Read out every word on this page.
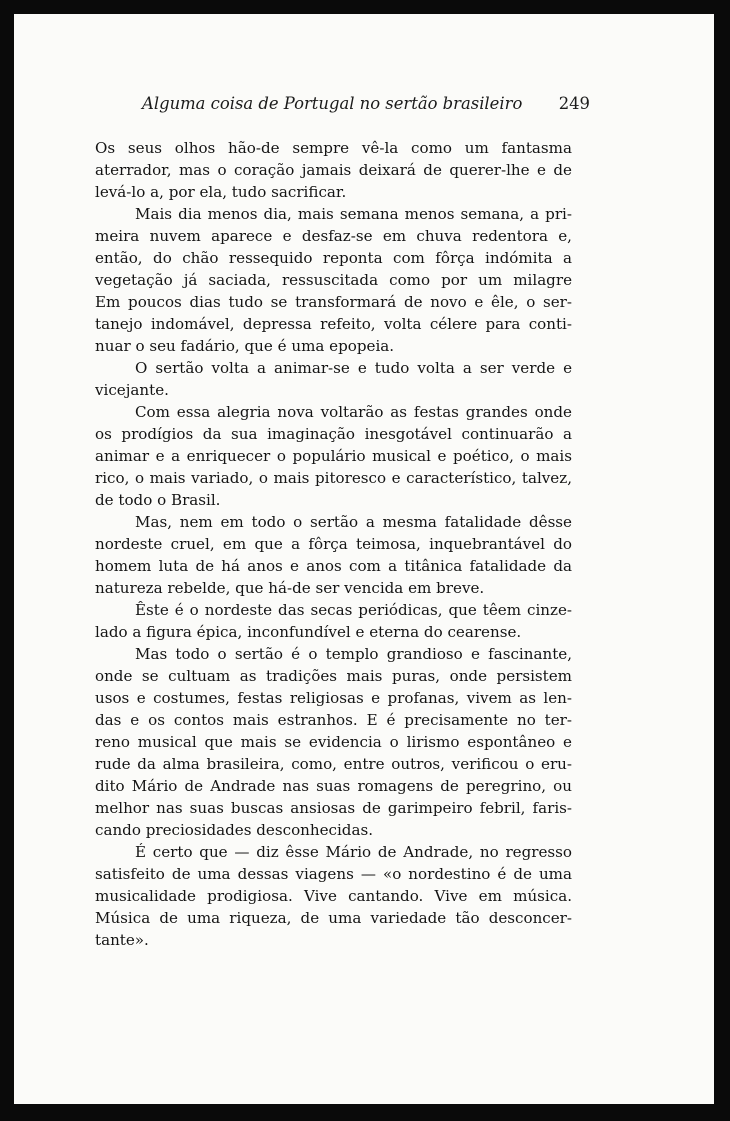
Alguma coisa de Portugal no sertão brasileiro 249
Os seus olhos hão-de sempre vê-la como um fantasma
aterrador, mas o coração jamais deixará de querer-lhe e de
levá-lo a, por ela, tudo sacrificar.
Mais dia menos dia, mais semana menos semana, a pri-
meira nuvem aparece e desfaz-se em chuva redentora e,
então, do chão ressequido reponta com fôrça indómita a
vegetação já saciada, ressuscitada como por um milagre
Em poucos dias tudo se transformará de novo e êle, o ser-
tanejo indomável, depressa refeito, volta célere para conti-
nuar o seu fadário, que é uma epopeia.
O sertão volta a animar-se e tudo volta a ser verde e
vicejante.
Com essa alegria nova voltarão as festas grandes onde
os prodígios da sua imaginação inesgotável continuarão a
animar e a enriquecer o populário musical e poético, o mais
rico, o mais variado, o mais pitoresco e característico, talvez,
de todo o Brasil.
Mas, nem em todo o sertão a mesma fatalidade dêsse
nordeste cruel, em que a fôrça teimosa, inquebrantável do
homem luta de há anos e anos com a titânica fatalidade da
natureza rebelde, que há-de ser vencida em breve.
Êste é o nordeste das secas periódicas, que têem cinze-
lado a figura épica, inconfundível e eterna do cearense.
Mas todo o sertão é o templo grandioso e fascinante,
onde se cultuam as tradições mais puras, onde persistem
usos e costumes, festas religiosas e profanas, vivem as len-
das e os contos mais estranhos. E é precisamente no ter-
reno musical que mais se evidencia o lirismo espontâneo e
rude da alma brasileira, como, entre outros, verificou o eru-
dito Mário de Andrade nas suas romagens de peregrino, ou
melhor nas suas buscas ansiosas de garimpeiro febril, faris-
cando preciosidades desconhecidas.
É certo que — diz êsse Mário de Andrade, no regresso
satisfeito de uma dessas viagens — «o nordestino é de uma
musicalidade prodigiosa. Vive cantando. Vive em música.
Música de uma riqueza, de uma variedade tão desconcer-
tante».
